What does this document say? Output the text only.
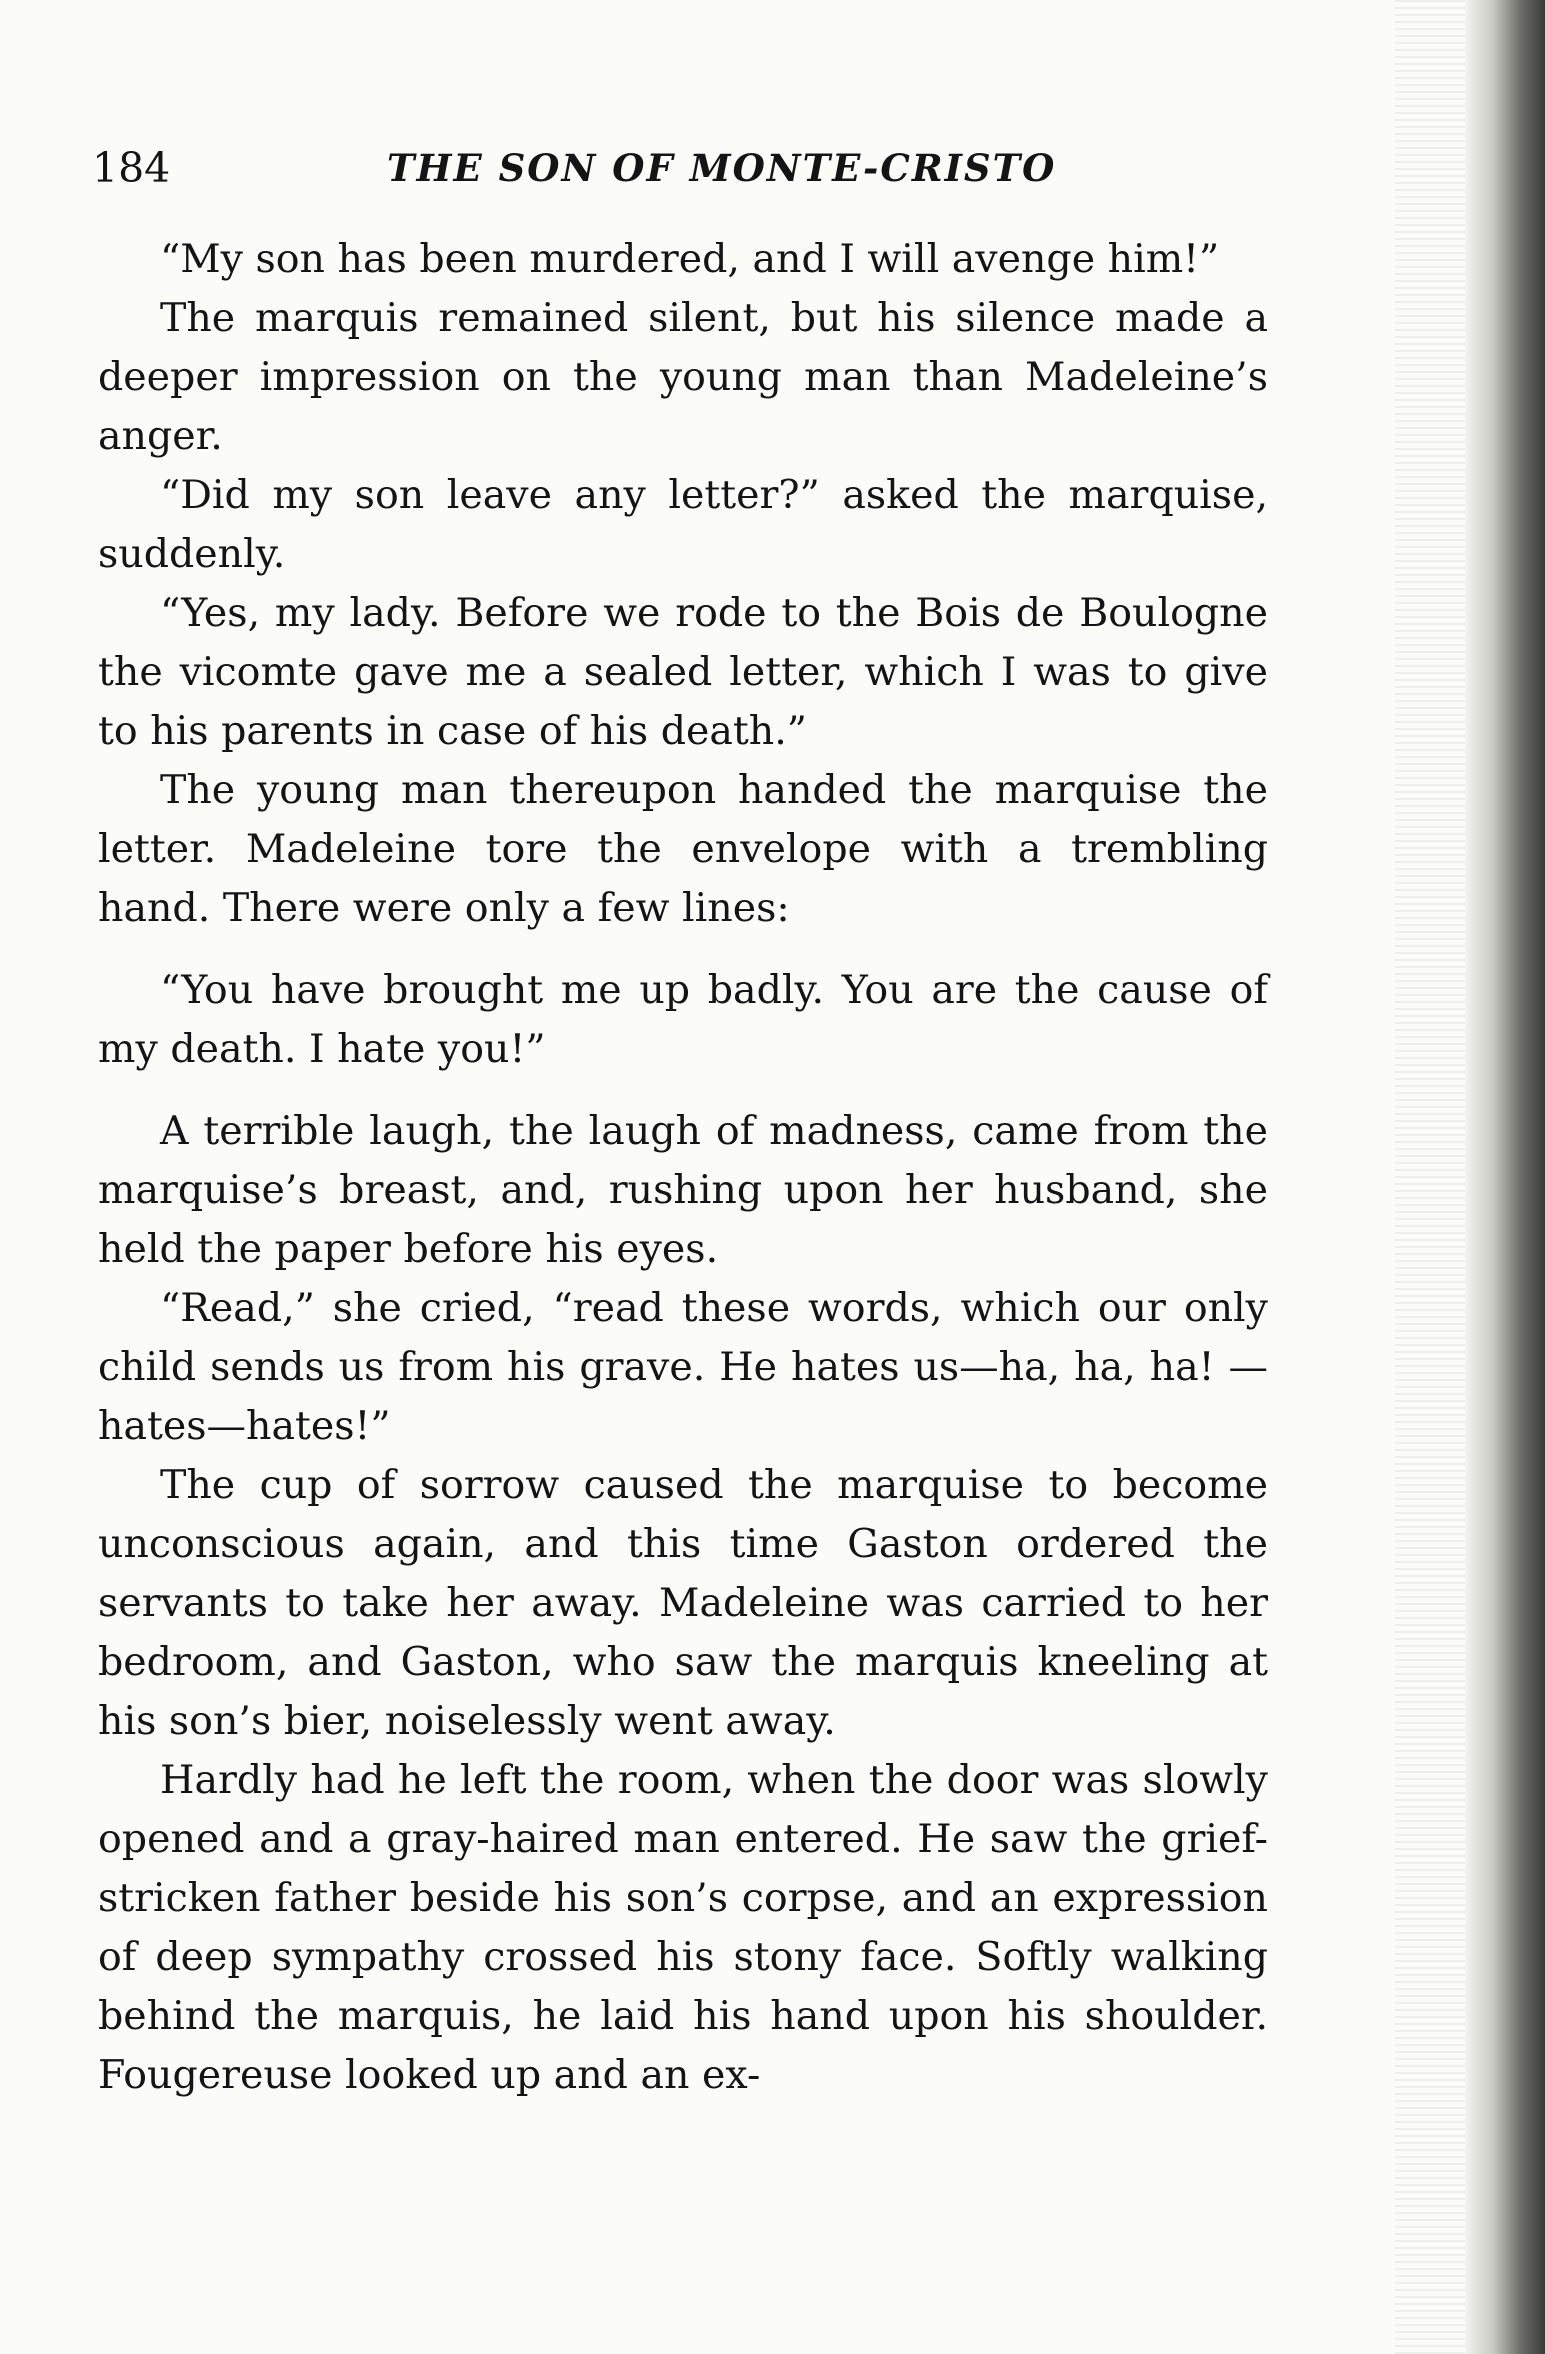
184	THE SON OF MONTE-CRISTO

“My son has been murdered, and I will avenge him!”

The marquis remained silent, but his silence made a deeper impression on the young man than Madeleine’s anger.

“Did my son leave any letter?” asked the marquise, suddenly.

“Yes, my lady. Before we rode to the Bois de Boulogne the vicomte gave me a sealed letter, which I was to give to his parents in case of his death.”

The young man thereupon handed the marquise the letter. Madeleine tore the envelope with a trembling hand. There were only a few lines:

“You have brought me up badly. You are the cause of my death. I hate you!”

A terrible laugh, the laugh of madness, came from the marquise’s breast, and, rushing upon her husband, she held the paper before his eyes.

“Read,” she cried, “read these words, which our only child sends us from his grave. He hates us—ha, ha, ha! —hates—hates!”

The cup of sorrow caused the marquise to become unconscious again, and this time Gaston ordered the servants to take her away. Madeleine was carried to her bedroom, and Gaston, who saw the marquis kneeling at his son’s bier, noiselessly went away.

Hardly had he left the room, when the door was slowly opened and a gray-haired man entered. He saw the grief-stricken father beside his son’s corpse, and an expression of deep sympathy crossed his stony face. Softly walking behind the marquis, he laid his hand upon his shoulder. Fougereuse looked up and an ex-
